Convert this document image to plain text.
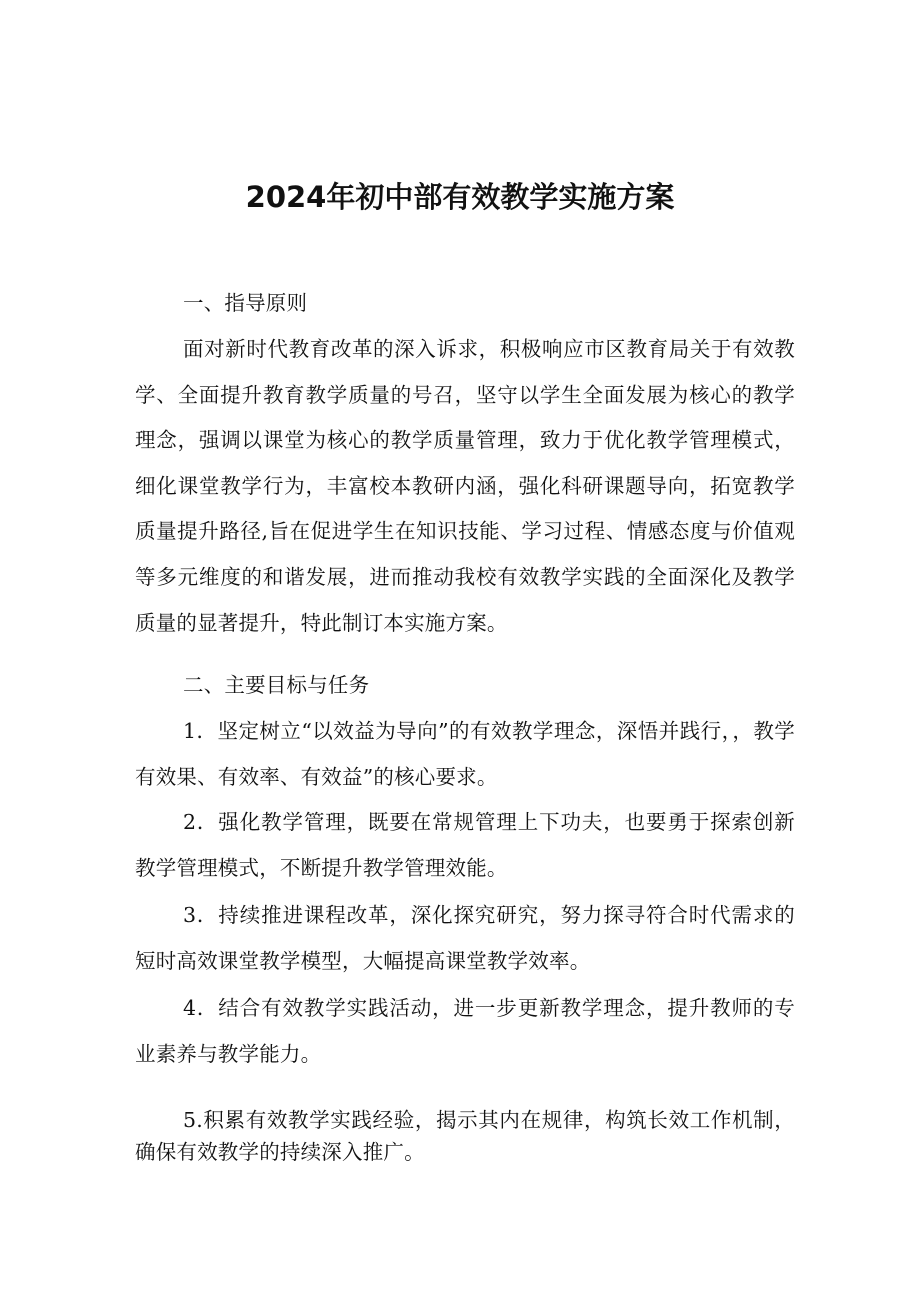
2024年初中部有效教学实施方案
一、指导原则
面对新时代教育改革的深入诉求，积极响应市区教育局关于有效教学、全面提升教育教学质量的号召，坚守以学生全面发展为核心的教学理念，强调以课堂为核心的教学质量管理，致力于优化教学管理模式，细化课堂教学行为，丰富校本教研内涵，强化科研课题导向，拓宽教学质量提升路径,旨在促进学生在知识技能、学习过程、情感态度与价值观等多元维度的和谐发展，进而推动我校有效教学实践的全面深化及教学质量的显著提升，特此制订本实施方案。
二、主要目标与任务
1．坚定树立“以效益为导向”的有效教学理念，深悟并践行，，教学有效果、有效率、有效益”的核心要求。
2．强化教学管理，既要在常规管理上下功夫，也要勇于探索创新教学管理模式，不断提升教学管理效能。
3．持续推进课程改革，深化探究研究，努力探寻符合时代需求的短时高效课堂教学模型，大幅提高课堂教学效率。
4．结合有效教学实践活动，进一步更新教学理念，提升教师的专业素养与教学能力。
5.积累有效教学实践经验，揭示其内在规律，构筑长效工作机制，确保有效教学的持续深入推广。
